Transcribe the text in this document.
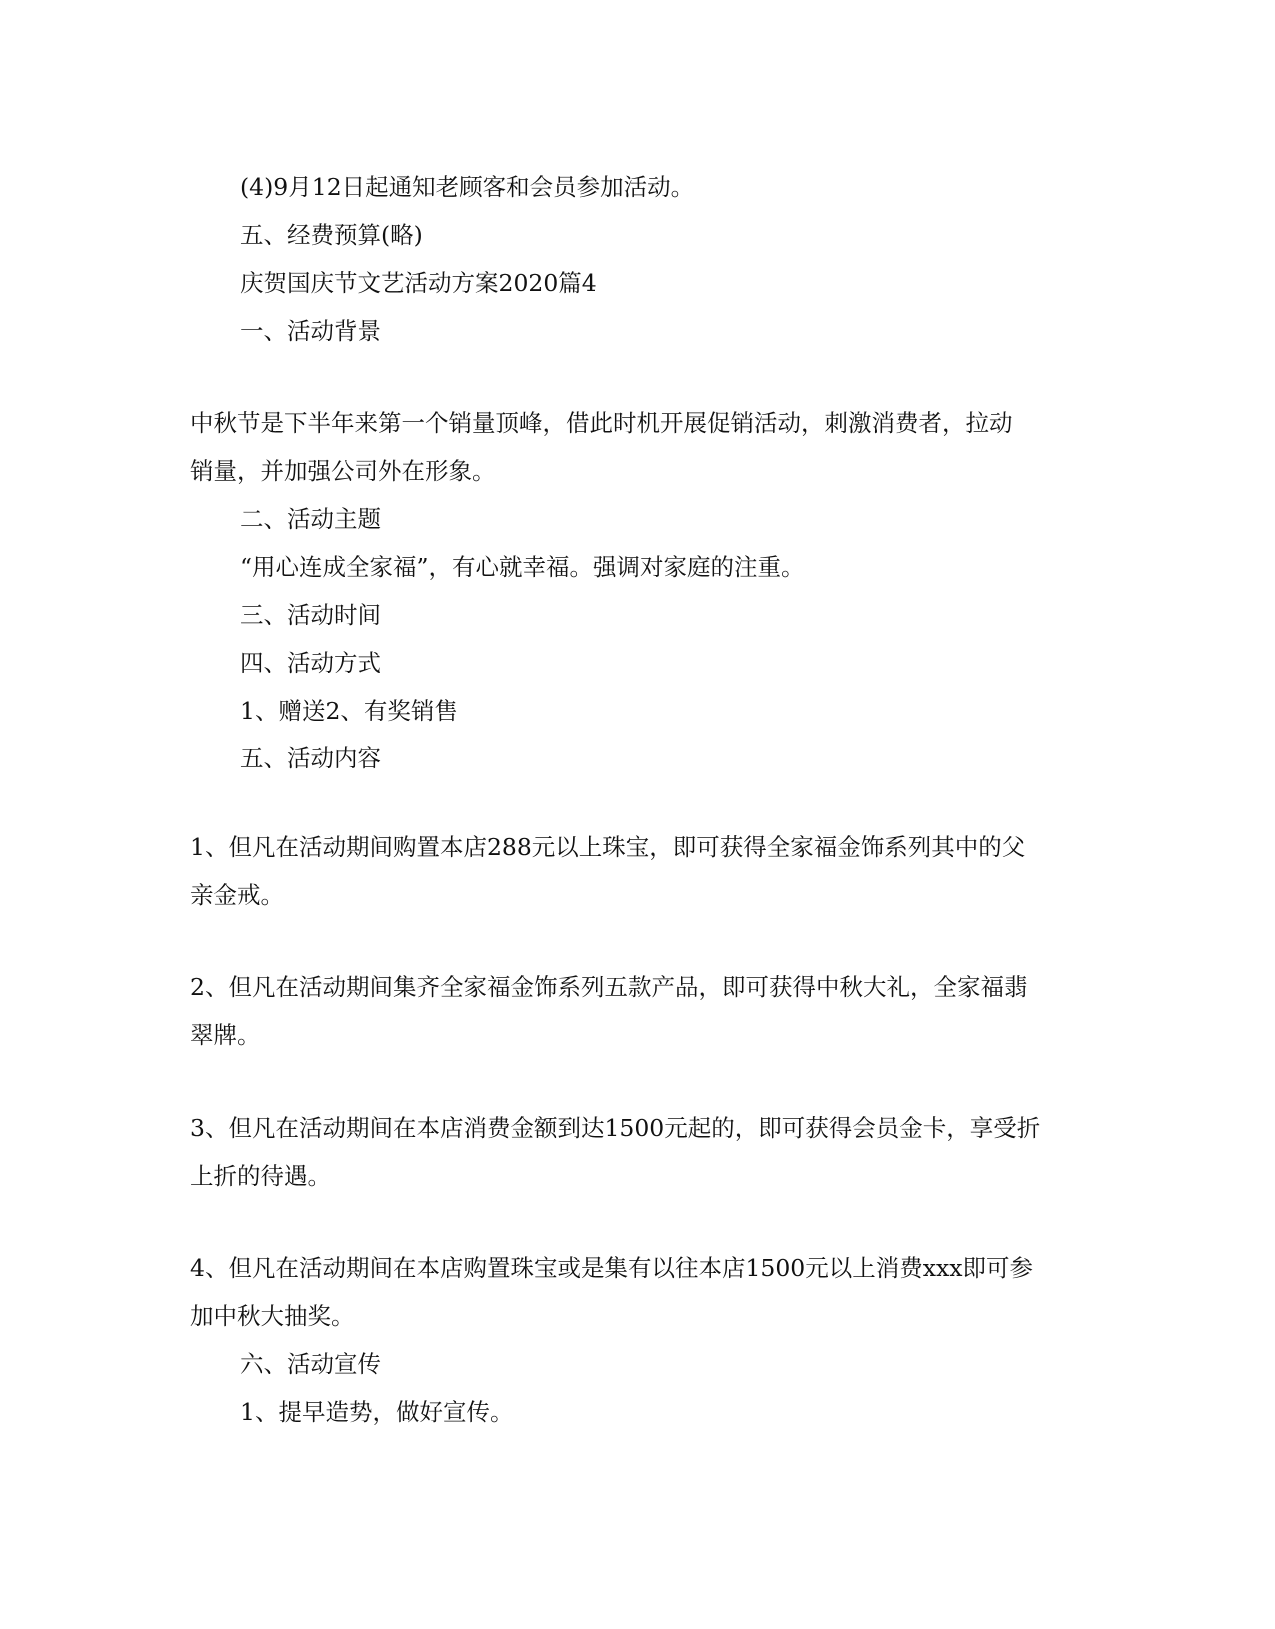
(4)9月12日起通知老顾客和会员参加活动。
五、经费预算(略)
庆贺国庆节文艺活动方案2020篇4
一、活动背景
中秋节是下半年来第一个销量顶峰，借此时机开展促销活动，刺激消费者，拉动
销量，并加强公司外在形象。
二、活动主题
“用心连成全家福”，有心就幸福。强调对家庭的注重。
三、活动时间
四、活动方式
1、赠送2、有奖销售
五、活动内容
1、但凡在活动期间购置本店288元以上珠宝，即可获得全家福金饰系列其中的父
亲金戒。
2、但凡在活动期间集齐全家福金饰系列五款产品，即可获得中秋大礼，全家福翡
翠牌。
3、但凡在活动期间在本店消费金额到达1500元起的，即可获得会员金卡，享受折
上折的待遇。
4、但凡在活动期间在本店购置珠宝或是集有以往本店1500元以上消费xxx即可参
加中秋大抽奖。
六、活动宣传
1、提早造势，做好宣传。
